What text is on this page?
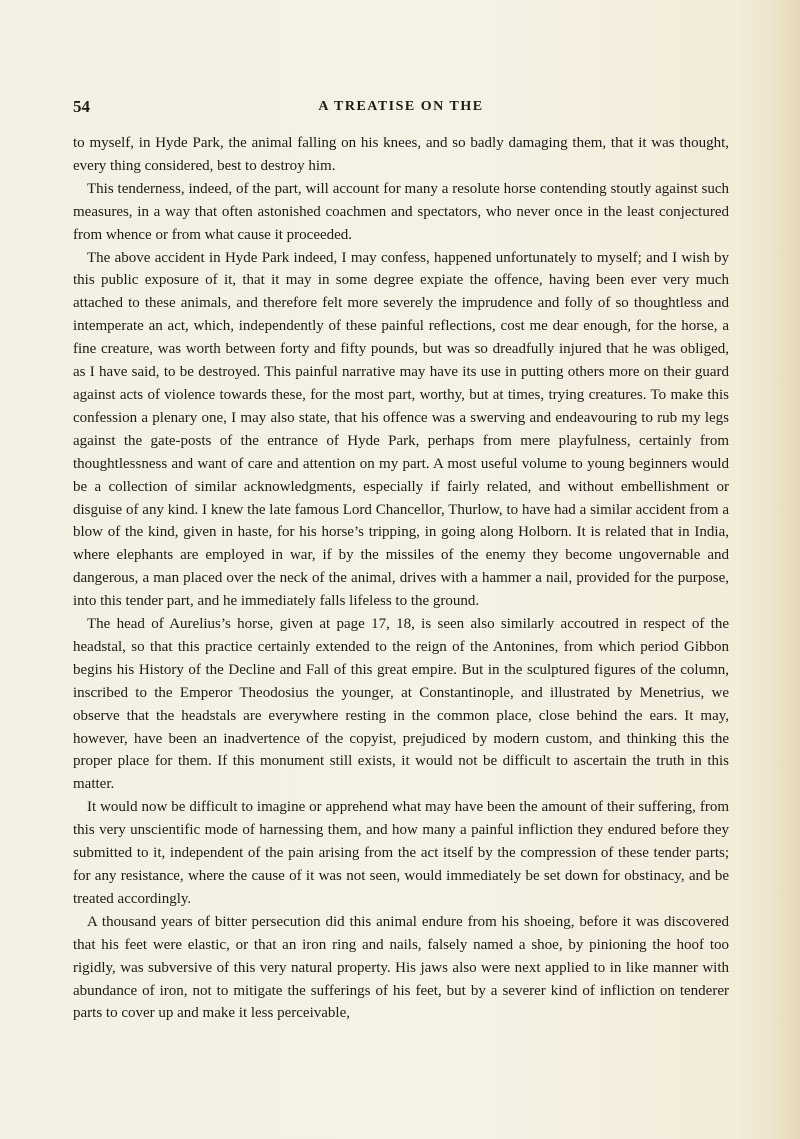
54	A TREATISE ON THE

to myself, in Hyde Park, the animal falling on his knees, and so badly damaging them, that it was thought, every thing considered, best to destroy him.

This tenderness, indeed, of the part, will account for many a resolute horse contending stoutly against such measures, in a way that often astonished coachmen and spectators, who never once in the least conjectured from whence or from what cause it proceeded.

The above accident in Hyde Park indeed, I may confess, happened unfortunately to myself; and I wish by this public exposure of it, that it may in some degree expiate the offence, having been ever very much attached to these animals, and therefore felt more severely the imprudence and folly of so thoughtless and intemperate an act, which, independently of these painful reflections, cost me dear enough, for the horse, a fine creature, was worth between forty and fifty pounds, but was so dreadfully injured that he was obliged, as I have said, to be destroyed. This painful narrative may have its use in putting others more on their guard against acts of violence towards these, for the most part, worthy, but at times, trying creatures. To make this confession a plenary one, I may also state, that his offence was a swerving and endeavouring to rub my legs against the gate-posts of the entrance of Hyde Park, perhaps from mere playfulness, certainly from thoughtlessness and want of care and attention on my part. A most useful volume to young beginners would be a collection of similar acknowledgments, especially if fairly related, and without embellishment or disguise of any kind. I knew the late famous Lord Chancellor, Thurlow, to have had a similar accident from a blow of the kind, given in haste, for his horse’s tripping, in going along Holborn. It is related that in India, where elephants are employed in war, if by the missiles of the enemy they become ungovernable and dangerous, a man placed over the neck of the animal, drives with a hammer a nail, provided for the purpose, into this tender part, and he immediately falls lifeless to the ground.

The head of Aurelius’s horse, given at page 17, 18, is seen also similarly accoutred in respect of the headstal, so that this practice certainly extended to the reign of the Antonines, from which period Gibbon begins his History of the Decline and Fall of this great empire. But in the sculptured figures of the column, inscribed to the Emperor Theodosius the younger, at Constantinople, and illustrated by Menetrius, we observe that the headstals are everywhere resting in the common place, close behind the ears. It may, however, have been an inadvertence of the copyist, prejudiced by modern custom, and thinking this the proper place for them. If this monument still exists, it would not be difficult to ascertain the truth in this matter.

It would now be difficult to imagine or apprehend what may have been the amount of their suffering, from this very unscientific mode of harnessing them, and how many a painful infliction they endured before they submitted to it, independent of the pain arising from the act itself by the compression of these tender parts; for any resistance, where the cause of it was not seen, would immediately be set down for obstinacy, and be treated accordingly.

A thousand years of bitter persecution did this animal endure from his shoeing, before it was discovered that his feet were elastic, or that an iron ring and nails, falsely named a shoe, by pinioning the hoof too rigidly, was subversive of this very natural property. His jaws also were next applied to in like manner with abundance of iron, not to mitigate the sufferings of his feet, but by a severer kind of infliction on tenderer parts to cover up and make it less perceivable,
